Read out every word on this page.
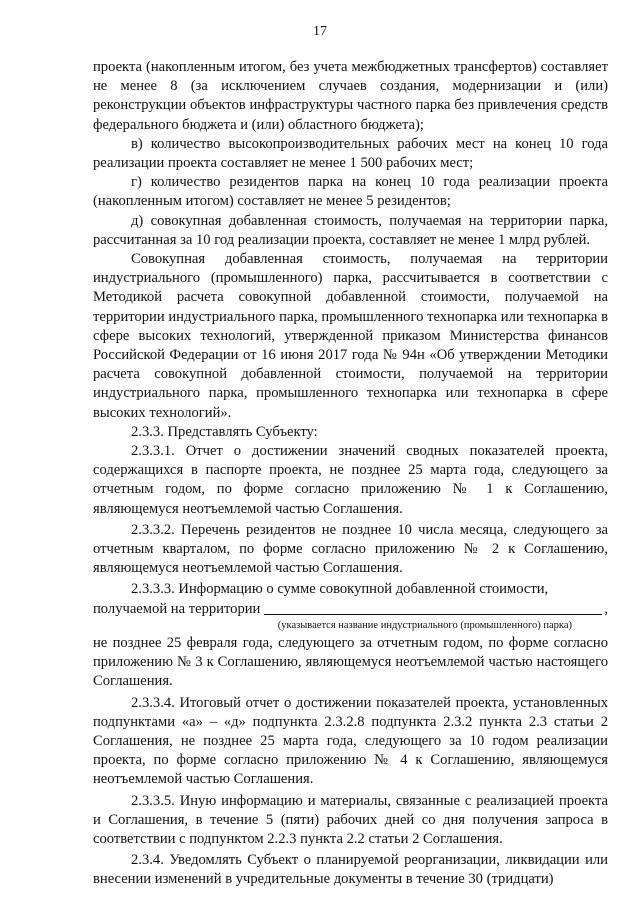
17

проекта (накопленным итогом, без учета межбюджетных трансфертов) составляет не менее 8 (за исключением случаев создания, модернизации и (или) реконструкции объектов инфраструктуры частного парка без привлечения средств федерального бюджета и (или) областного бюджета);

в) количество высокопроизводительных рабочих мест на конец 10 года реализации проекта составляет не менее 1 500 рабочих мест;

г) количество резидентов парка на конец 10 года реализации проекта (накопленным итогом) составляет не менее 5 резидентов;

д) совокупная добавленная стоимость, получаемая на территории парка, рассчитанная за 10 год реализации проекта, составляет не менее 1 млрд рублей.

Совокупная добавленная стоимость, получаемая на территории индустриального (промышленного) парка, рассчитывается в соответствии с Методикой расчета совокупной добавленной стоимости, получаемой на территории индустриального парка, промышленного технопарка или технопарка в сфере высоких технологий, утвержденной приказом Министерства финансов Российской Федерации от 16 июня 2017 года № 94н «Об утверждении Методики расчета совокупной добавленной стоимости, получаемой на территории индустриального парка, промышленного технопарка или технопарка в сфере высоких технологий».

2.3.3. Представлять Субъекту:

2.3.3.1. Отчет о достижении значений сводных показателей проекта, содержащихся в паспорте проекта, не позднее 25 марта года, следующего за отчетным годом, по форме согласно приложению № 1 к Соглашению, являющемуся неотъемлемой частью Соглашения.

2.3.3.2. Перечень резидентов не позднее 10 числа месяца, следующего за отчетным кварталом, по форме согласно приложению № 2 к Соглашению, являющемуся неотъемлемой частью Соглашения.

2.3.3.3. Информацию о сумме совокупной добавленной стоимости,

получаемой на территории	,
(указывается название индустриального (промышленного) парка)

не позднее 25 февраля года, следующего за отчетным годом, по форме согласно приложению № 3 к Соглашению, являющемуся неотъемлемой частью настоящего Соглашения.

2.3.3.4. Итоговый отчет о достижении показателей проекта, установленных подпунктами «а» – «д» подпункта 2.3.2.8 подпункта 2.3.2 пункта 2.3 статьи 2 Соглашения, не позднее 25 марта года, следующего за 10 годом реализации проекта, по форме согласно приложению № 4 к Соглашению, являющемуся неотъемлемой частью Соглашения.

2.3.3.5. Иную информацию и материалы, связанные с реализацией проекта и Соглашения, в течение 5 (пяти) рабочих дней со дня получения запроса в соответствии с подпунктом 2.2.3 пункта 2.2 статьи 2 Соглашения.

2.3.4. Уведомлять Субъект о планируемой реорганизации, ликвидации или внесении изменений в учредительные документы в течение 30 (тридцати)
